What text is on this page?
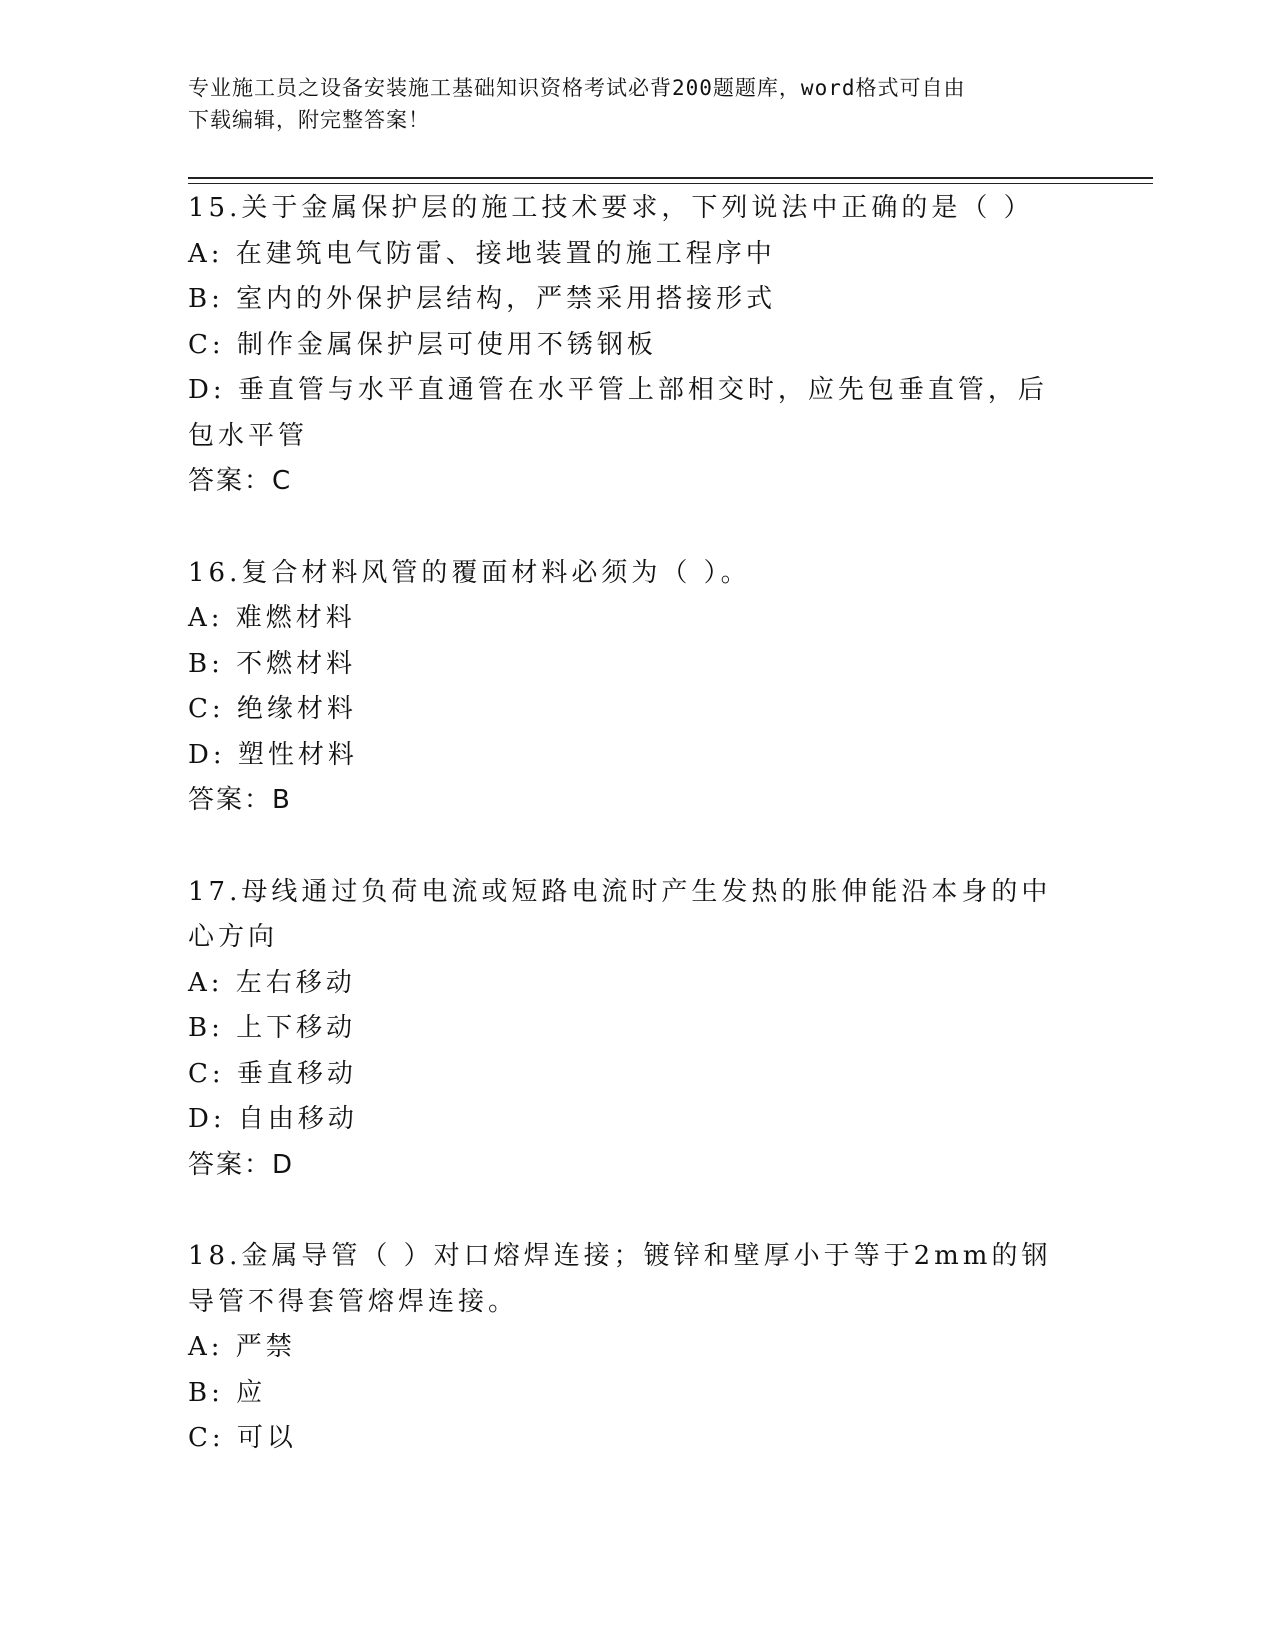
专业施工员之设备安装施工基础知识资格考试必背200题题库，word格式可自由
下载编辑，附完整答案！
15.关于金属保护层的施工技术要求，下列说法中正确的是（ ）
A: 在建筑电气防雷、接地装置的施工程序中
B: 室内的外保护层结构，严禁采用搭接形式
C: 制作金属保护层可使用不锈钢板
D: 垂直管与水平直通管在水平管上部相交时，应先包垂直管，后包水平管
答案：C
16.复合材料风管的覆面材料必须为（ ）。
A: 难燃材料
B: 不燃材料
C: 绝缘材料
D: 塑性材料
答案：B
17.母线通过负荷电流或短路电流时产生发热的胀伸能沿本身的中心方向
A: 左右移动
B: 上下移动
C: 垂直移动
D: 自由移动
答案：D
18.金属导管（ ）对口熔焊连接；镀锌和壁厚小于等于2mm的钢导管不得套管熔焊连接。
A: 严禁
B: 应
C: 可以
